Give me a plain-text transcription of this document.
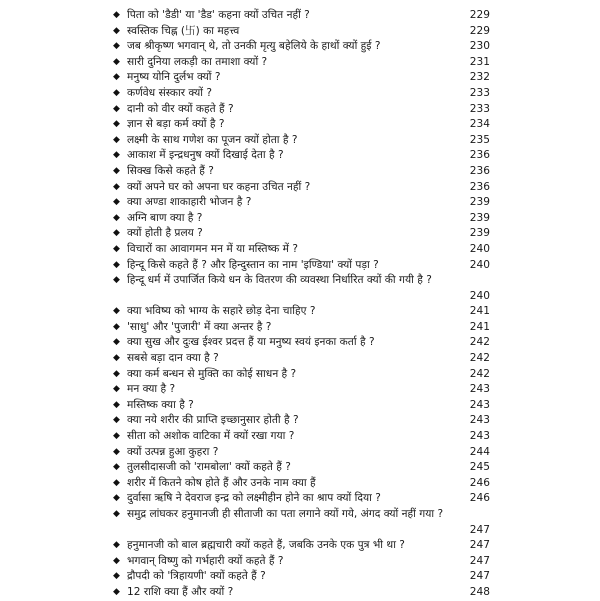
◆ पिता को 'डैडी' या 'डैड' कहना क्यों उचित नहीं ?	229
◆ स्वस्तिक चिह्न (卐) का महत्त्व	229
◆ जब श्रीकृष्ण भगवान् थे, तो उनकी मृत्यु बहेलिये के हाथों क्यों हुई ?	230
◆ सारी दुनिया लकड़ी का तमाशा क्यों ?	231
◆ मनुष्य योनि दुर्लभ क्यों ?	232
◆ कर्णवेध संस्कार क्यों ?	233
◆ दानी को वीर क्यों कहते हैं ?	233
◆ ज्ञान से बड़ा कर्म क्यों है ?	234
◆ लक्ष्मी के साथ गणेश का पूजन क्यों होता है ?	235
◆ आकाश में इन्द्रधनुष क्यों दिखाई देता है ?	236
◆ सिक्ख किसे कहते हैं ?	236
◆ क्यों अपने घर को अपना घर कहना उचित नहीं ?	236
◆ क्या अण्डा शाकाहारी भोजन है ?	239
◆ अग्नि बाण क्या है ?	239
◆ क्यों होती है प्रलय ?	239
◆ विचारों का आवागमन मन में या मस्तिष्क में ?	240
◆ हिन्दू किसे कहते हैं ? और हिन्दुस्तान का नाम 'इण्डिया' क्यों पड़ा ?	240
◆ हिन्दू धर्म में उपार्जित किये धन के वितरण की व्यवस्था निर्धारित क्यों की गयी है ?
240
◆ क्या भविष्य को भाग्य के सहारे छोड़ देना चाहिए ?	241
◆ 'साधु' और 'पुजारी' में क्या अन्तर है ?	241
◆ क्या सुख और दुःख ईश्वर प्रदत्त हैं या मनुष्य स्वयं इनका कर्ता है ?	242
◆ सबसे बड़ा दान क्या है ?	242
◆ क्या कर्म बन्धन से मुक्ति का कोई साधन है ?	242
◆ मन क्या है ?	243
◆ मस्तिष्क क्या है ?	243
◆ क्या नये शरीर की प्राप्ति इच्छानुसार होती है ?	243
◆ सीता को अशोक वाटिका में क्यों रखा गया ?	243
◆ क्यों उत्पन्न हुआ कुहरा ?	244
◆ तुलसीदासजी को 'रामबोला' क्यों कहते हैं ?	245
◆ शरीर में कितने कोष होते हैं और उनके नाम क्या हैं	246
◆ दुर्वासा ऋषि ने देवराज इन्द्र को लक्ष्मीहीन होने का श्राप क्यों दिया ?	246
◆ समुद्र लांघकर हनुमानजी ही सीताजी का पता लगाने क्यों गये, अंगद क्यों नहीं गया ?
247
◆ हनुमानजी को बाल ब्रह्मचारी क्यों कहते हैं, जबकि उनके एक पुत्र भी था ?	247
◆ भगवान् विष्णु को गर्भहारी क्यों कहते हैं ?	247
◆ द्रौपदी को 'त्रिहायणी' क्यों कहते हैं ?	247
◆ 12 राशि क्या हैं और क्यों ?	248
